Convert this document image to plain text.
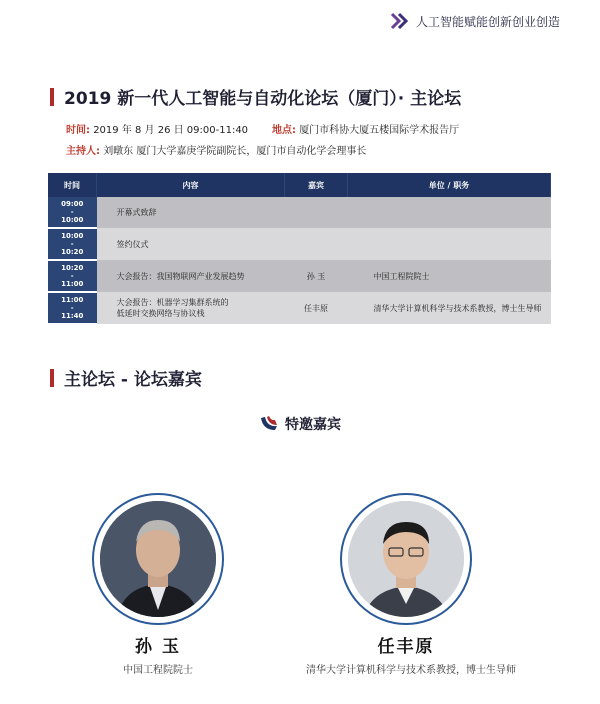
人工智能赋能创新创业创造
2019 新一代人工智能与自动化论坛（厦门）· 主论坛
时间: 2019 年 8 月 26 日 09:00-11:40 地点: 厦门市科协大厦五楼国际学术报告厅
主持人: 刘暾东 厦门大学嘉庚学院副院长，厦门市自动化学会理事长
时间	内容	嘉宾	单位 / 职务

09:00
-
10:00	开幕式致辞		

10:00
-
10:20	签约仪式		

10:20
-
11:00	大会报告：我国物联网产业发展趋势	孙 玉	中国工程院院士

11:00
-
11:40	大会报告：机器学习集群系统的低延时交换网络与协议栈	任丰原	清华大学计算机科学与技术系教授，博士生导师
主论坛 - 论坛嘉宾
特邀嘉宾
孙 玉
中国工程院院士
任丰原
清华大学计算机科学与技术系教授，博士生导师
